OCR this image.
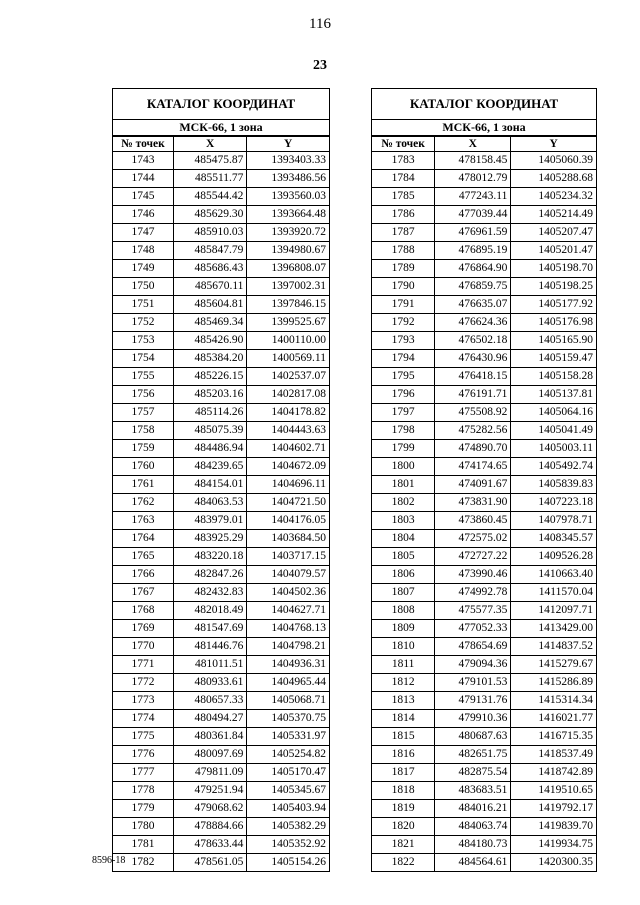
116
23
КАТАЛОГ КООРДИНАТ
МСК-66, 1 зона
№ точек	X	Y
1743	485475.87	1393403.33
1744	485511.77	1393486.56
1745	485544.42	1393560.03
1746	485629.30	1393664.48
1747	485910.03	1393920.72
1748	485847.79	1394980.67
1749	485686.43	1396808.07
1750	485670.11	1397002.31
1751	485604.81	1397846.15
1752	485469.34	1399525.67
1753	485426.90	1400110.00
1754	485384.20	1400569.11
1755	485226.15	1402537.07
1756	485203.16	1402817.08
1757	485114.26	1404178.82
1758	485075.39	1404443.63
1759	484486.94	1404602.71
1760	484239.65	1404672.09
1761	484154.01	1404696.11
1762	484063.53	1404721.50
1763	483979.01	1404176.05
1764	483925.29	1403684.50
1765	483220.18	1403717.15
1766	482847.26	1404079.57
1767	482432.83	1404502.36
1768	482018.49	1404627.71
1769	481547.69	1404768.13
1770	481446.76	1404798.21
1771	481011.51	1404936.31
1772	480933.61	1404965.44
1773	480657.33	1405068.71
1774	480494.27	1405370.75
1775	480361.84	1405331.97
1776	480097.69	1405254.82
1777	479811.09	1405170.47
1778	479251.94	1405345.67
1779	479068.62	1405403.94
1780	478884.66	1405382.29
1781	478633.44	1405352.92
1782	478561.05	1405154.26
КАТАЛОГ КООРДИНАТ
МСК-66, 1 зона
№ точек	X	Y
1783	478158.45	1405060.39
1784	478012.79	1405288.68
1785	477243.11	1405234.32
1786	477039.44	1405214.49
1787	476961.59	1405207.47
1788	476895.19	1405201.47
1789	476864.90	1405198.70
1790	476859.75	1405198.25
1791	476635.07	1405177.92
1792	476624.36	1405176.98
1793	476502.18	1405165.90
1794	476430.96	1405159.47
1795	476418.15	1405158.28
1796	476191.71	1405137.81
1797	475508.92	1405064.16
1798	475282.56	1405041.49
1799	474890.70	1405003.11
1800	474174.65	1405492.74
1801	474091.67	1405839.83
1802	473831.90	1407223.18
1803	473860.45	1407978.71
1804	472575.02	1408345.57
1805	472727.22	1409526.28
1806	473990.46	1410663.40
1807	474992.78	1411570.04
1808	475577.35	1412097.71
1809	477052.33	1413429.00
1810	478654.69	1414837.52
1811	479094.36	1415279.67
1812	479101.53	1415286.89
1813	479131.76	1415314.34
1814	479910.36	1416021.77
1815	480687.63	1416715.35
1816	482651.75	1418537.49
1817	482875.54	1418742.89
1818	483683.51	1419510.65
1819	484016.21	1419792.17
1820	484063.74	1419839.70
1821	484180.73	1419934.75
1822	484564.61	1420300.35
8596-18
